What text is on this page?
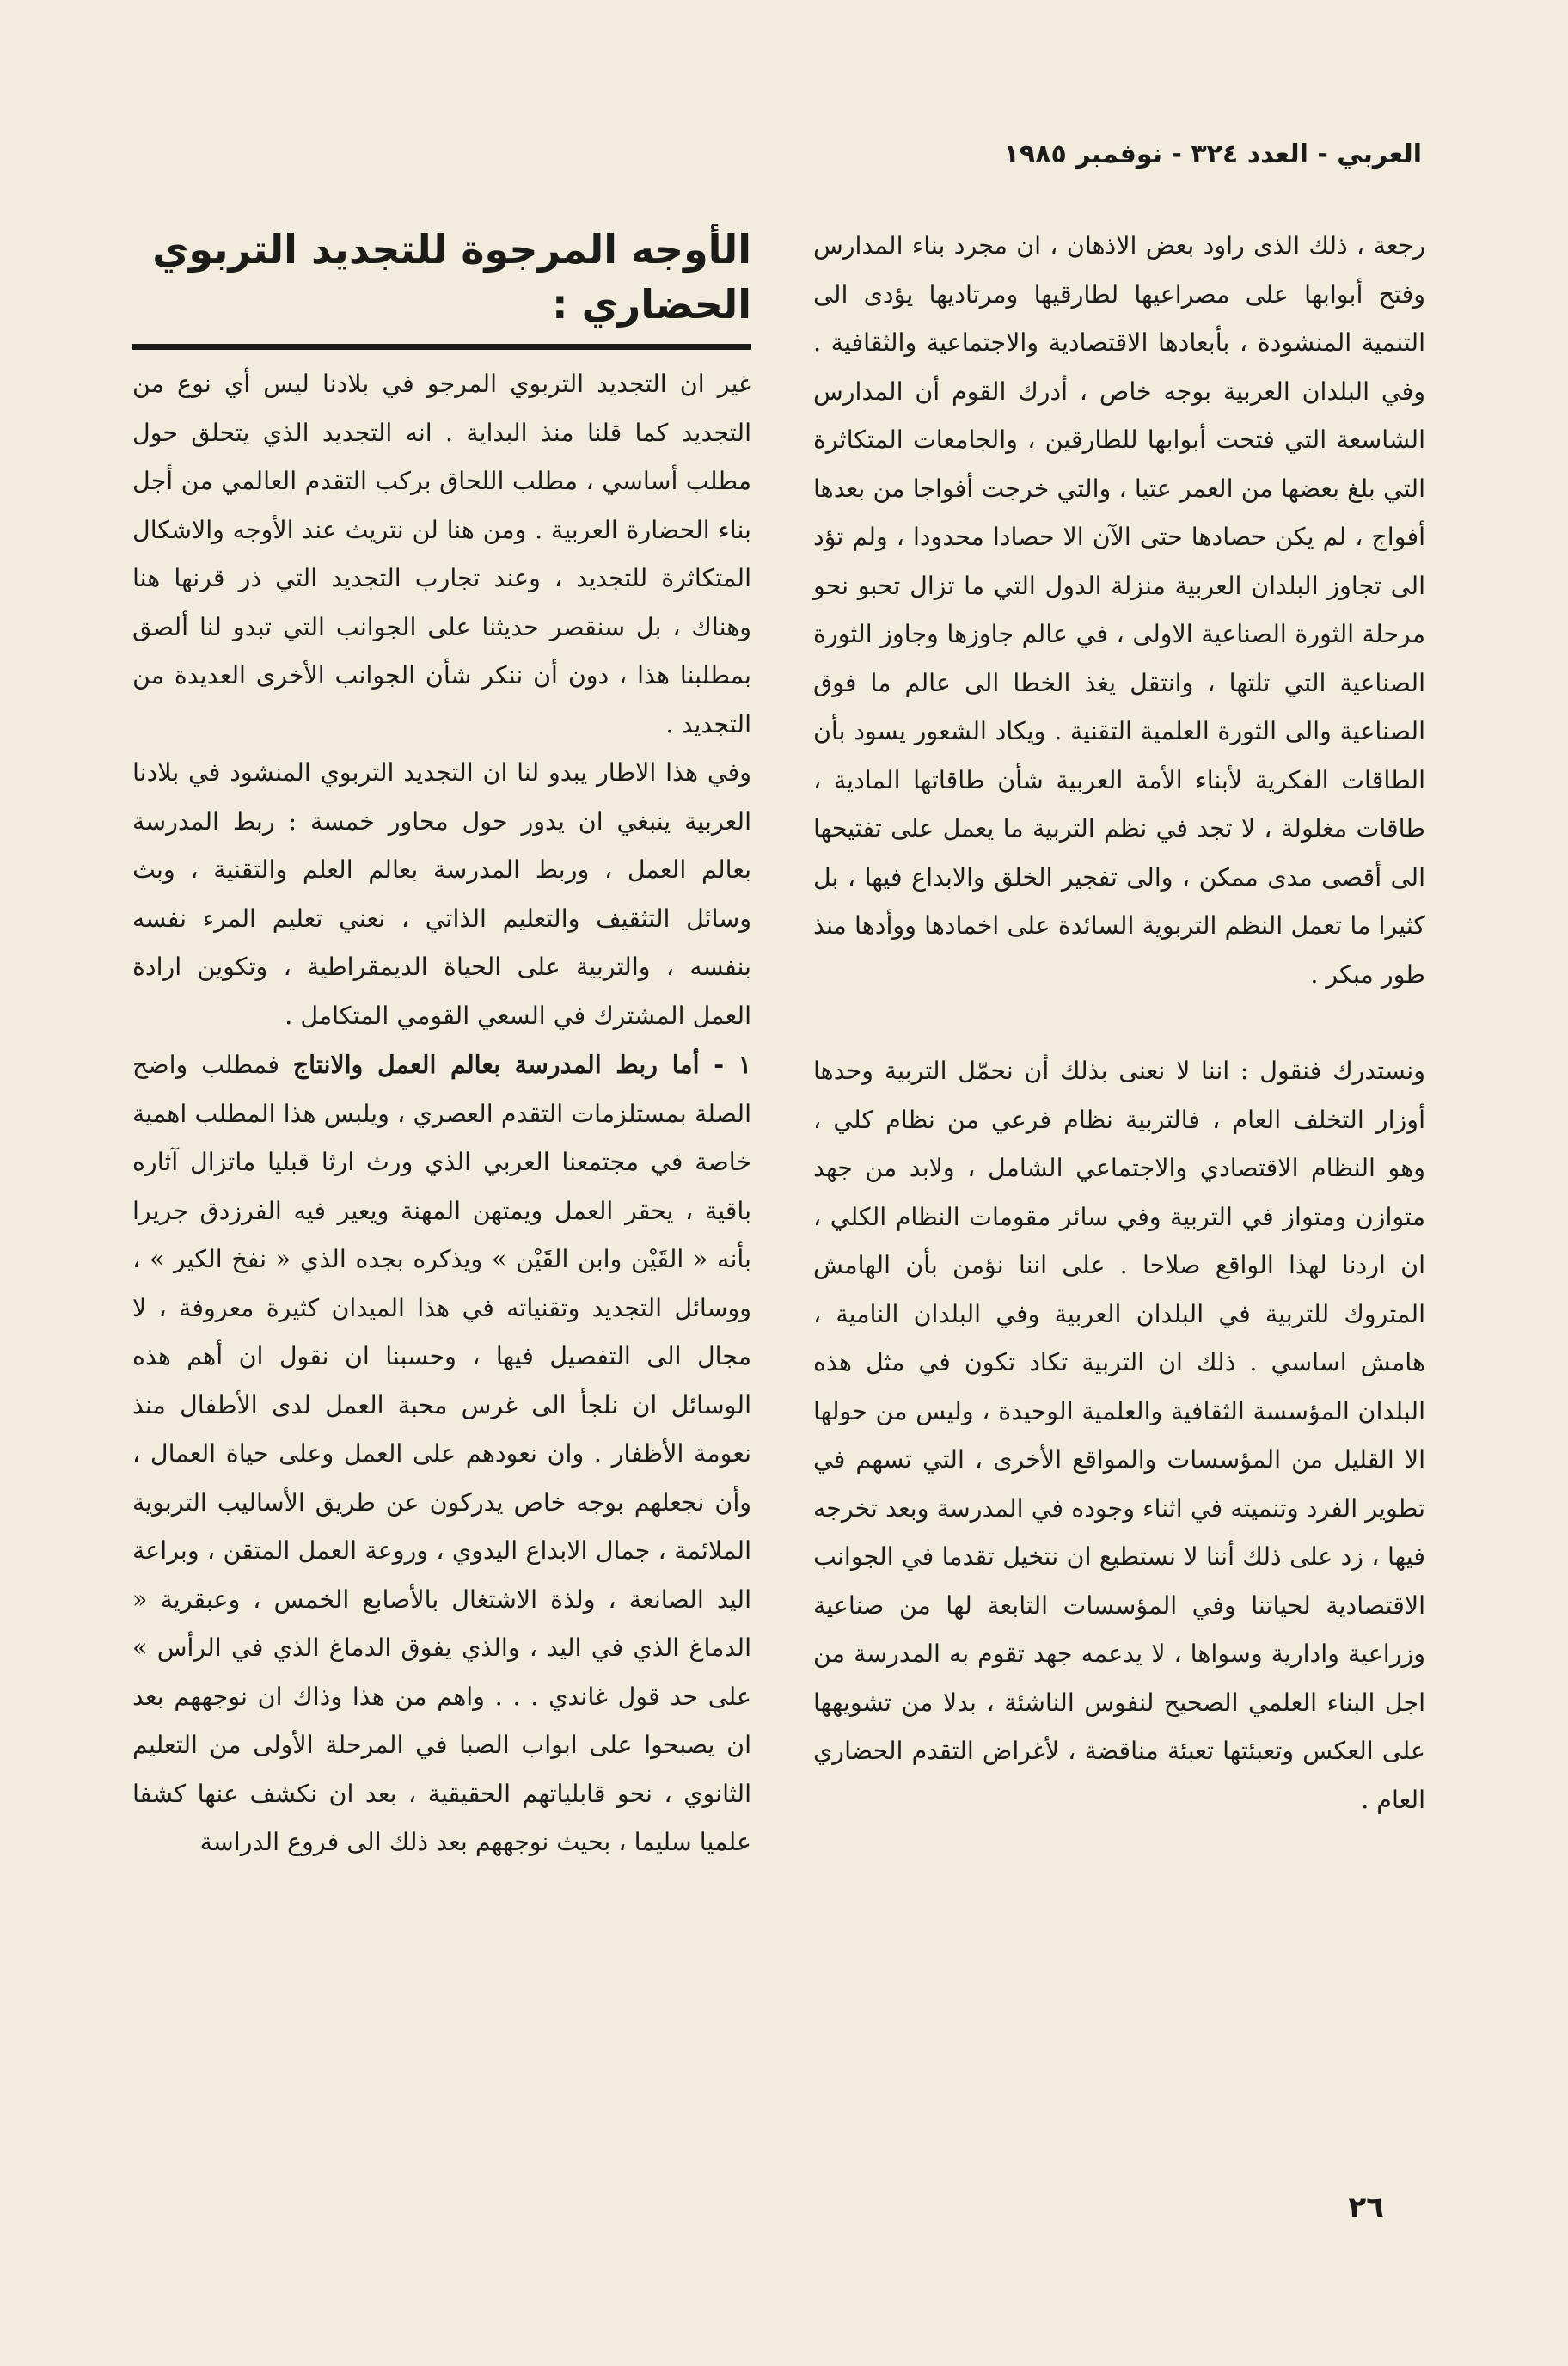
العربي - العدد ٣٢٤ - نوفمبر ١٩٨٥

رجعة ، ذلك الذى راود بعض الاذهان ، ان مجرد بناء المدارس وفتح أبوابها على مصراعيها لطارقيها ومرتاديها يؤدى الى التنمية المنشودة ، بأبعادها الاقتصادية والاجتماعية والثقافية . وفي البلدان العربية بوجه خاص ، أدرك القوم أن المدارس الشاسعة التي فتحت أبوابها للطارقين ، والجامعات المتكاثرة التي بلغ بعضها من العمر عتيا ، والتي خرجت أفواجا من بعدها أفواج ، لم يكن حصادها حتى الآن الا حصادا محدودا ، ولم تؤد الى تجاوز البلدان العربية منزلة الدول التي ما تزال تحبو نحو مرحلة الثورة الصناعية الاولى ، في عالم جاوزها وجاوز الثورة الصناعية التي تلتها ، وانتقل يغذ الخطا الى عالم ما فوق الصناعية والى الثورة العلمية التقنية . ويكاد الشعور يسود بأن الطاقات الفكرية لأبناء الأمة العربية شأن طاقاتها المادية ، طاقات مغلولة ، لا تجد في نظم التربية ما يعمل على تفتيحها الى أقصى مدى ممكن ، والى تفجير الخلق والابداع فيها ، بل كثيرا ما تعمل النظم التربوية السائدة على اخمادها ووأدها منذ طور مبكر .

ونستدرك فنقول : اننا لا نعنى بذلك أن نحمّل التربية وحدها أوزار التخلف العام ، فالتربية نظام فرعي من نظام كلي ، وهو النظام الاقتصادي والاجتماعي الشامل ، ولابد من جهد متوازن ومتواز في التربية وفي سائر مقومات النظام الكلي ، ان اردنا لهذا الواقع صلاحا . على اننا نؤمن بأن الهامش المتروك للتربية في البلدان العربية وفي البلدان النامية ، هامش اساسي . ذلك ان التربية تكاد تكون في مثل هذه البلدان المؤسسة الثقافية والعلمية الوحيدة ، وليس من حولها الا القليل من المؤسسات والمواقع الأخرى ، التي تسهم في تطوير الفرد وتنميته في اثناء وجوده في المدرسة وبعد تخرجه فيها ، زد على ذلك أننا لا نستطيع ان نتخيل تقدما في الجوانب الاقتصادية لحياتنا وفي المؤسسات التابعة لها من صناعية وزراعية وادارية وسواها ، لا يدعمه جهد تقوم به المدرسة من اجل البناء العلمي الصحيح لنفوس الناشئة ، بدلا من تشويهها على العكس وتعبئتها تعبئة مناقضة ، لأغراض التقدم الحضاري العام .

الأوجه المرجوة للتجديد التربوي الحضاري :

غير ان التجديد التربوي المرجو في بلادنا ليس أي نوع من التجديد كما قلنا منذ البداية . انه التجديد الذي يتحلق حول مطلب أساسي ، مطلب اللحاق بركب التقدم العالمي من أجل بناء الحضارة العربية . ومن هنا لن نتريث عند الأوجه والاشكال المتكاثرة للتجديد ، وعند تجارب التجديد التي ذر قرنها هنا وهناك ، بل سنقصر حديثنا على الجوانب التي تبدو لنا ألصق بمطلبنا هذا ، دون أن ننكر شأن الجوانب الأخرى العديدة من التجديد .

وفي هذا الاطار يبدو لنا ان التجديد التربوي المنشود في بلادنا العربية ينبغي ان يدور حول محاور خمسة : ربط المدرسة بعالم العمل ، وربط المدرسة بعالم العلم والتقنية ، وبث وسائل التثقيف والتعليم الذاتي ، نعني تعليم المرء نفسه بنفسه ، والتربية على الحياة الديمقراطية ، وتكوين ارادة العمل المشترك في السعي القومي المتكامل .

١ - أما ربط المدرسة بعالم العمل والانتاج فمطلب واضح الصلة بمستلزمات التقدم العصري ، ويلبس هذا المطلب اهمية خاصة في مجتمعنا العربي الذي ورث ارثا قبليا ماتزال آثاره باقية ، يحقر العمل ويمتهن المهنة ويعير فيه الفرزدق جريرا بأنه « القَيْن وابن القَيْن » ويذكره بجده الذي « نفخ الكير » ، ووسائل التجديد وتقنياته في هذا الميدان كثيرة معروفة ، لا مجال الى التفصيل فيها ، وحسبنا ان نقول ان أهم هذه الوسائل ان نلجأ الى غرس محبة العمل لدى الأطفال منذ نعومة الأظفار . وان نعودهم على العمل وعلى حياة العمال ، وأن نجعلهم بوجه خاص يدركون عن طريق الأساليب التربوية الملائمة ، جمال الابداع اليدوي ، وروعة العمل المتقن ، وبراعة اليد الصانعة ، ولذة الاشتغال بالأصابع الخمس ، وعبقرية « الدماغ الذي في اليد ، والذي يفوق الدماغ الذي في الرأس » على حد قول غاندي . . . واهم من هذا وذاك ان نوجههم بعد ان يصبحوا على ابواب الصبا في المرحلة الأولى من التعليم الثانوي ، نحو قابلياتهم الحقيقية ، بعد ان نكشف عنها كشفا علميا سليما ، بحيث نوجههم بعد ذلك الى فروع الدراسة

٢٦
